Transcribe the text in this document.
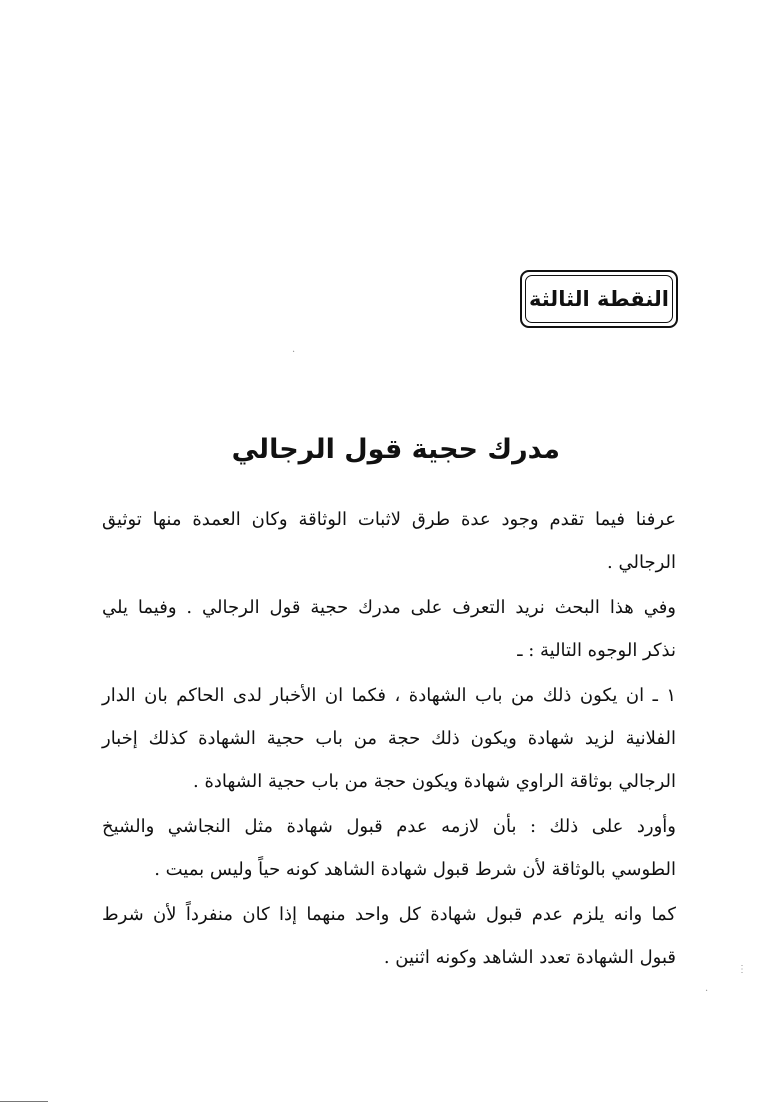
النقطة الثالثة
مدرك حجية قول الرجالي
عرفنا فيما تقدم وجود عدة طرق لاثبات الوثاقة وكان العمدة منها توثيق
الرجالي .
وفي هذا البحث نريد التعرف على مدرك حجية قول الرجالي . وفيما يلي
نذكر الوجوه التالية : ـ
١ ـ ان يكون ذلك من باب الشهادة ، فكما ان الأخبار لدى الحاكم بان الدار
الفلانية لزيد شهادة ويكون ذلك حجة من باب حجية الشهادة كذلك إخبار
الرجالي بوثاقة الراوي شهادة ويكون حجة من باب حجية الشهادة .
وأورد على ذلك : بأن لازمه عدم قبول شهادة مثل النجاشي والشيخ
الطوسي بالوثاقة لأن شرط قبول شهادة الشاهد كونه حياً وليس بميت .
كما وانه يلزم عدم قبول شهادة كل واحد منهما إذا كان منفرداً لأن شرط
قبول الشهادة تعدد الشاهد وكونه اثنين .
·
⋮
·
